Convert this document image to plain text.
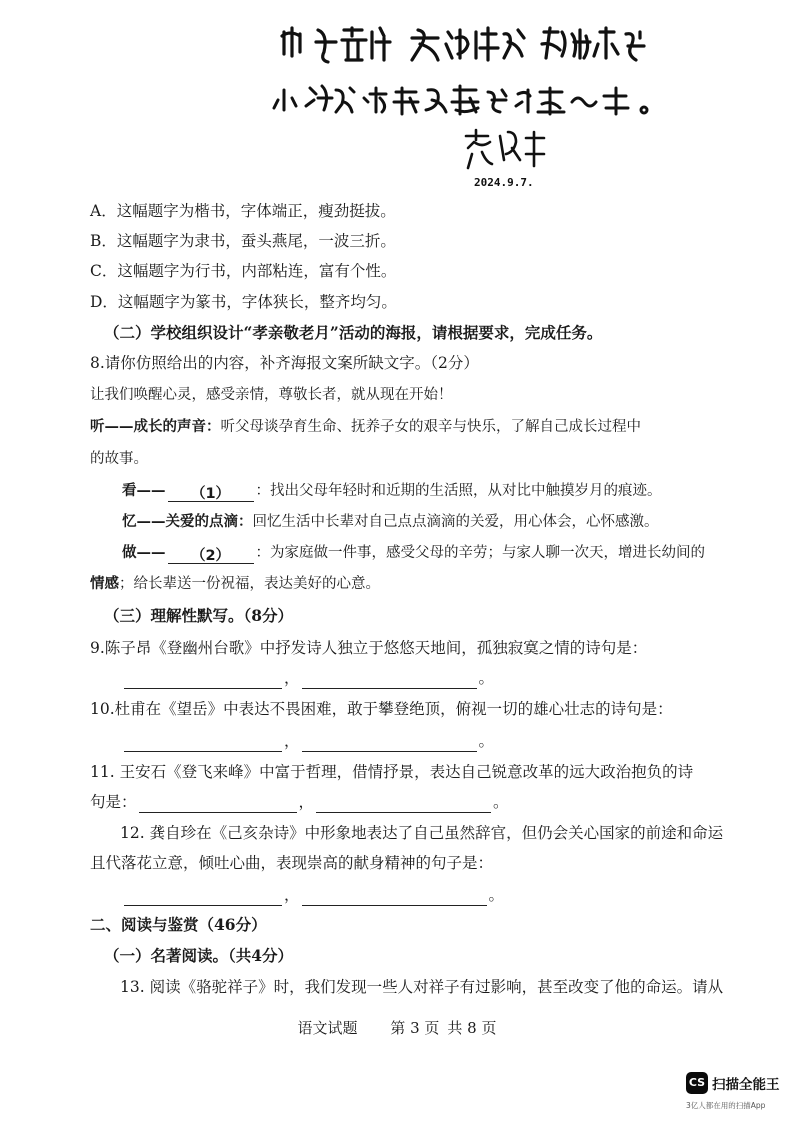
2024.9.7.
A．这幅题字为楷书，字体端正，瘦劲挺拔。
B．这幅题字为隶书，蚕头燕尾，一波三折。
C．这幅题字为行书，内部粘连，富有个性。
D．这幅题字为篆书，字体狭长，整齐均匀。
（二）学校组织设计“孝亲敬老月”活动的海报，请根据要求，完成任务。
8.请你仿照给出的内容，补齐海报文案所缺文字。（2分）
让我们唤醒心灵，感受亲情，尊敬长者，就从现在开始！
听——成长的声音：听父母谈孕育生命、抚养子女的艰辛与快乐，了解自己成长过程中
的故事。
看—— （1） ：找出父母年轻时和近期的生活照，从对比中触摸岁月的痕迹。
忆——关爱的点滴：回忆生活中长辈对自己点点滴滴的关爱，用心体会，心怀感激。
做—— （2） ：为家庭做一件事，感受父母的辛劳；与家人聊一次天，增进长幼间的
情感；给长辈送一份祝福，表达美好的心意。
（三）理解性默写。（8分）
9.陈子昂《登幽州台歌》中抒发诗人独立于悠悠天地间，孤独寂寞之情的诗句是：
，	。
10.杜甫在《望岳》中表达不畏困难，敢于攀登绝顶，俯视一切的雄心壮志的诗句是：
，	。
11. 王安石《登飞来峰》中富于哲理，借情抒景，表达自己锐意改革的远大政治抱负的诗
句是：	，	。
12. 龚自珍在《己亥杂诗》中形象地表达了自己虽然辞官，但仍会关心国家的前途和命运
且代落花立意，倾吐心曲，表现崇高的献身精神的句子是：
，	。
二、阅读与鉴赏（46分）
（一）名著阅读。（共4分）
13. 阅读《骆驼祥子》时，我们发现一些人对祥子有过影响，甚至改变了他的命运。请从
语文试题 第 3 页 共 8 页
CS 扫描全能王
3亿人都在用的扫描App
